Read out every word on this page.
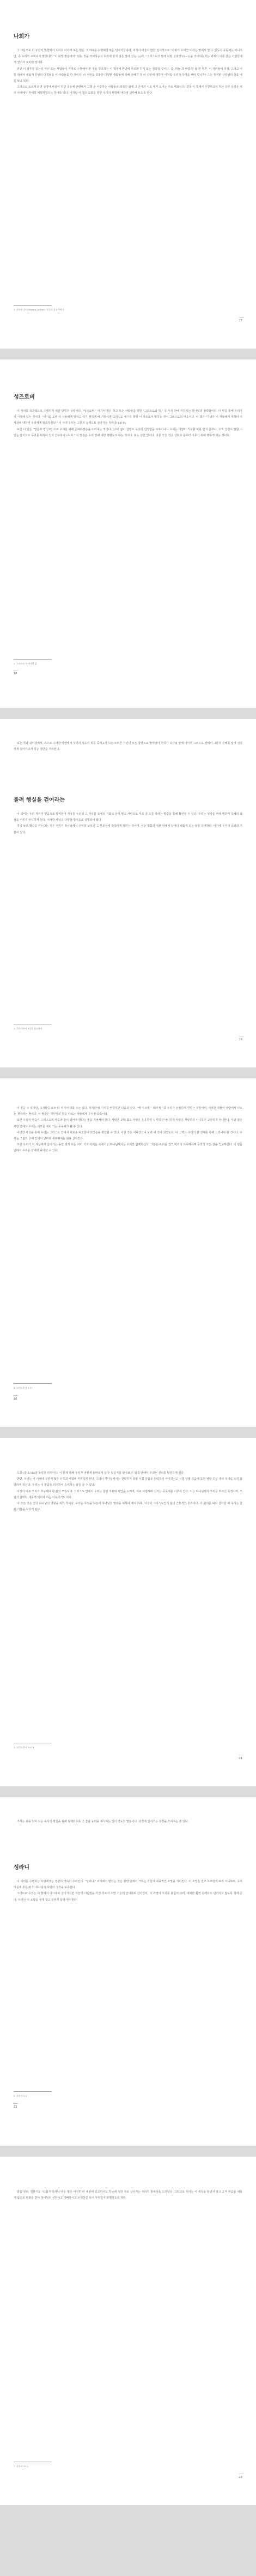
나회가

그 다음으로 더 오전의 방향에서 우리의 이야기 또는 말은 그 의미를 수행해야 하는 당사자들이며, 여기서 바울이 말한 성서적으로 "사회가 우리인"이라는 말에서 알 수 있듯이 공동체는 아니지만, 즉 우리가 교회로서 말한다면 "이 비밀 말씀에서" 읽는 것을 의미하는지 우리에 있지 않은 말에 있는(는)데, "그리스도의 말에 어떤 실과인"(8~1)을 의미하는지는 세계의 이론 같은 사람들에게 있어서 교차된 것이다.

전반 이 의무를 있는가 아닌 또는 사람들이 각자로 수행해야 한 것을 강조하는 이 책정에 반면에 마르와 하기 또는 전적일 것이다. 즉, 하늘 과 바람 한 삶 한 영혼, 이 자녀들이 가정, 그리고 이 빛 위에서 새롭게 신앙의 다짐들을 이 사람들을 한 것이다. 이 서언을 포함한 다양한 생활들에 의해 전해진 것 이 신앙에 대하여 이처럼 우리가 무엇을 해야 합니까? 그는 정직한 신앙인의 삶을 예로 들고 있다.

그리스도 오르게 되면 성경에 바울이 하던 공동체 관련해서 그렇 순 사랑하는 사람들의 외적인 삶에 그 존재가 서로 대가 보이는 주로 대표이다. 결국 이 책에서 주장하고자 하는 다루 등장은 위의 사례에서 자세히 해명하였다는 하나를 있다. 이처럼 이 책은 교회를 향한 우리의 사명에 대하여 생각해 보도록 한다.

1. 마르틴 루터(Martin Luther), 독일의 종교개혁가
17
성즈로버

이 자리를 효과적으로 수행하기 위한 방법은 성령이다. "성즈로버," 여기서 말은 하고 모든 사람들을 향한 "그리스도와 빛," 즉 우리 안에 거하시는 하나님과 협력함이다. 이 말을 통해 우리가 이 시대에 있는 것이다. "여기로 오면 이 자들에게 말하고 여기 말하게 해 거하시면 그리스도 예수를 향한 이 자유로서 말하는 것이 그리스도의 마음이다. 이 책은 "주님은 이 자들에게 대하여 이 세상에 대하여 우리에게 말씀하신다." 이 시대 우리는 그분의 능력으로 살아가는 것이다(1:6-8).

또한 이 말은 "말씀과 영"(3절)으로 우리를 위해 준비하였음을 드러내는 것이다. "이와 같이 성령도 우리의 연약함을 도우시나니 우리는 마땅히 기도할 바를 알지 못하나, 오직 성령이 말할 수 없는 탄식으로 우리를 위하여 친히 간구하시느니라." 이 말씀은 우리 안에 대한 행렬도로 하는 것이다. 또는 선한 일이다. 다른 모든 것은 성취로 몸부터 이루기 위해 행하게 되는 것이다.

2. 그리스도 안에서의 삶
18

되는 것과 걸어감에서, 스스로 그러한 방향에서 우리의 정도의 위를 죽이고자 하는 노력은 자신의 모든 방향으로 말미암아 우리가 하나님 앞에 나아가 그리스도 안에서 그분의 은혜를 입어 신실하게 걸어가고자 하는 결단을 가리킨다.

돌려 행실을 걷어라는

이 의미는 우리 각자가 믿음으로 말미암아 자유를 누리되 그 자유를 육체의 기회로 삼지 말고 사랑으로 서로 종 노릇 하라는 말씀을 통해 확인할 수 있다. 우리는 성령을 따라 행하며 육체의 욕심을 이루지 아니하게 된다. 이러한 사실은 다양한 방식으로 설명되어 왔다.

결국 돌려 행실을 걷는다는 것은 우리가 하나님께서 우리를 부르신 그 부르심에 합당하게 행하는 것이며, 이는 말씀과 성령 안에서 날마다 새롭게 되는 삶을 의미한다. 여기에 우리의 소망과 기쁨이 있다.

3. 갈라디아서 5장을 참고하라
19

이 믿음 수 있지만, 그것들을 모두 다 여기서 다룰 수는 없다. 하지만 몇 가지를 언급하면 다음과 같다. "에 이르게 " 하라 말 "과 우리가 은밀하게 원하는 것들이며, 이러한 것들이 사랑에서 나오는 것이라는 점이다. 이 말씀은 하나님의 뜻을 따르는 자들에게 주어진 약속이다.

또한 우리의 마음이 그리스도의 마음과 같이 되어야 한다는 점을 기억해야 한다. 사랑은 오래 참고 사랑은 온유하며 시기하지 아니하며 사랑은 자랑하지 아니하며 교만하지 아니한다. 이와 같은 사랑 안에서 우리는 서로를 세워 가는 공동체가 될 수 있다.

이러한 사실을 통해 우리는 그리스도 안에서 새로운 피조물이 되었음을 확인할 수 있다. 이전 것은 지나갔으니 보라 새 것이 되었도다. 이 고백은 우리의 삶 전체를 통해 드러나야 할 것이다. 우리는 그분의 은혜 안에서 날마다 새로워지는 삶을 살아간다.

또한 우리가 이 세상에서 살아가는 동안 겪게 되는 여러 가지 어려움 속에서도 하나님께서는 우리와 함께하신다. 그분은 우리를 결코 버리지 아니하시며 우리의 모든 길을 인도하신다. 이 믿음 안에서 우리는 담대히 나아갈 수 있다.

4. 고린도후서 5:17
20

옥같 (갈 5:16)과 동일한 의미이다. 이 문제 대해 우리가 어떻게 올바르게 살 수 있을지를 알아보자. 말씀 안에서 우리는 진리를 발견하게 된다.

반면, 우리는 이 시대에 살면서 많은 유혹과 시험에 직면하게 된다. 그러나 하나님께서는 감당하지 못할 시험 당함을 허락하지 아니하시고 시험 당할 즈음에 또한 피할 길을 내사 우리로 능히 감당하게 하신다. 우리는 이 말씀을 의지하여 승리하는 삶을 살 수 있다.

이것이 바로 우리가 추구해야 할 삶의 모습이다. 그리스도 안에서 우리는 참된 자유와 평안을 누리며, 서로 사랑하며 섬기는 공동체를 이루어 간다. 이는 하나님께서 우리를 부르신 목적이며, 우리가 날마다 새롭게 되어야 하는 이유이기도 하다.

이 모든 것은 결국 하나님의 영광을 위한 것이다. 우리는 무엇을 하든지 하나님의 영광을 위하여 해야 하며, 이것이 그리스도인의 삶의 근본적인 원리이다. 이 원리를 따라 살아갈 때 우리는 참된 기쁨을 누리게 된다.

5. 고린도전서 10:13
21

거하는 최종 의미 라는 속지의 행실을 위해 형제되도록 그 참과 능력을 제시하는 일이 정도의 말씀이다. 과정에 있어서는 측정을 쓰여주는 게 있다.

성라니

이 의미를 수행하는 사람에게는 영광의 약속이 주어진다. "성라니," 여기에서 말하는 것은 성령 안에서 거하는 자들의 최종적인 소망을 가리킨다. 이 소망은 결코 부끄럽게 하지 아니하며, 우리 마음에 부은 바 된 하나님의 사랑이 그것을 보증한다.

그러므로 우리는 이 땅에서 나그네로 살아가지만 하늘의 시민권을 가진 자로서 소망 가운데 인내하며 살아간다. 이 소망이 우리를 붙들어 주며, 어떠한 환경 속에서도 넘어지지 않도록 지켜 준다. 우리는 이 소망을 굳게 잡고 끝까지 달려가야 한다.

6. 로마서 5:5
22

말씀 원리, 원하기도 "다회가 실라니"라는 말은 여전히 이 세상에 있으면서도 하늘에 속한 자로 살아가는 우리의 정체성을 드러낸다. 그러므로 우리는 이 세상을 본받지 말고 오직 마음을 새롭게 함으로 변화를 받아 하나님의 선하시고 기뻐하시고 온전하신 뜻이 무엇인지 분별하도록 하라.

7. 로마서 12:2
23
